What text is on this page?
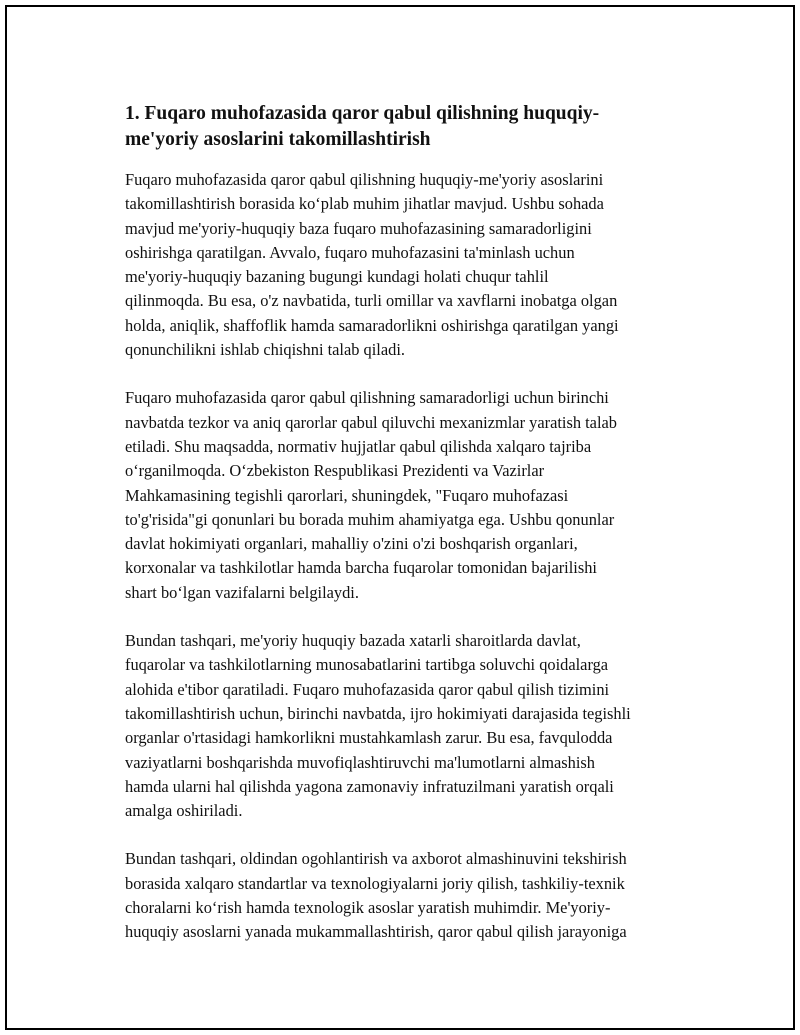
1. Fuqaro muhofazasida qaror qabul qilishning huquqiy-
me'yoriy asoslarini takomillashtirish

Fuqaro muhofazasida qaror qabul qilishning huquqiy-me'yoriy asoslarini
takomillashtirish borasida ko‘plab muhim jihatlar mavjud. Ushbu sohada
mavjud me'yoriy-huquqiy baza fuqaro muhofazasining samaradorligini
oshirishga qaratilgan. Avvalo, fuqaro muhofazasini ta'minlash uchun
me'yoriy-huquqiy bazaning bugungi kundagi holati chuqur tahlil
qilinmoqda. Bu esa, o'z navbatida, turli omillar va xavflarni inobatga olgan
holda, aniqlik, shaffoflik hamda samaradorlikni oshirishga qaratilgan yangi
qonunchilikni ishlab chiqishni talab qiladi.

Fuqaro muhofazasida qaror qabul qilishning samaradorligi uchun birinchi
navbatda tezkor va aniq qarorlar qabul qiluvchi mexanizmlar yaratish talab
etiladi. Shu maqsadda, normativ hujjatlar qabul qilishda xalqaro tajriba
o‘rganilmoqda. O‘zbekiston Respublikasi Prezidenti va Vazirlar
Mahkamasining tegishli qarorlari, shuningdek, "Fuqaro muhofazasi
to'g'risida"gi qonunlari bu borada muhim ahamiyatga ega. Ushbu qonunlar
davlat hokimiyati organlari, mahalliy o'zini o'zi boshqarish organlari,
korxonalar va tashkilotlar hamda barcha fuqarolar tomonidan bajarilishi
shart bo‘lgan vazifalarni belgilaydi.

Bundan tashqari, me'yoriy huquqiy bazada xatarli sharoitlarda davlat,
fuqarolar va tashkilotlarning munosabatlarini tartibga soluvchi qoidalarga
alohida e'tibor qaratiladi. Fuqaro muhofazasida qaror qabul qilish tizimini
takomillashtirish uchun, birinchi navbatda, ijro hokimiyati darajasida tegishli
organlar o'rtasidagi hamkorlikni mustahkamlash zarur. Bu esa, favqulodda
vaziyatlarni boshqarishda muvofiqlashtiruvchi ma'lumotlarni almashish
hamda ularni hal qilishda yagona zamonaviy infratuzilmani yaratish orqali
amalga oshiriladi.

Bundan tashqari, oldindan ogohlantirish va axborot almashinuvini tekshirish
borasida xalqaro standartlar va texnologiyalarni joriy qilish, tashkiliy-texnik
choralarni ko‘rish hamda texnologik asoslar yaratish muhimdir. Me'yoriy-
huquqiy asoslarni yanada mukammallashtirish, qaror qabul qilish jarayoniga
